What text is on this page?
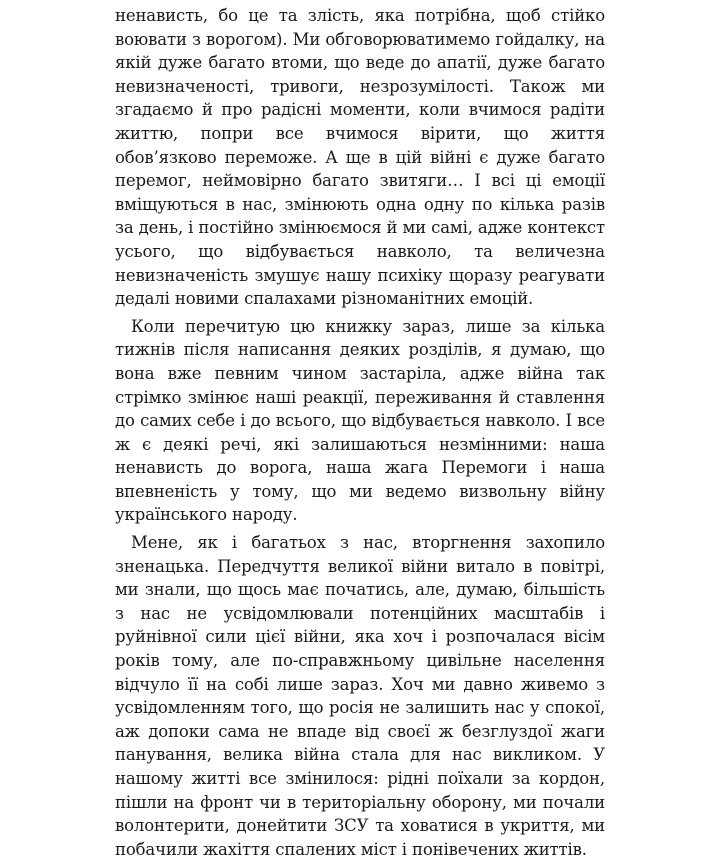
ненависть, бо це та злість, яка потрібна, щоб стійко воювати з ворогом). Ми обговорюватимемо гойдалку, на якій дуже багато втоми, що веде до апатії, дуже багато невизначеності, тривоги, незрозумілості. Також ми згадаємо й про радісні моменти, коли вчимося радіти життю, попри все вчимося вірити, що життя обов’язково переможе. А ще в цій війні є дуже багато перемог, неймовірно багато звитяги… І всі ці емоції вміщуються в нас, змінюють одна одну по кілька разів за день, і постійно змінюємося й ми самі, адже контекст усього, що відбувається навколо, та величезна невизначеність змушує нашу психіку щоразу реагувати дедалі новими спалахами різноманітних емоцій.

Коли перечитую цю книжку зараз, лише за кілька тижнів після написання деяких розділів, я думаю, що вона вже певним чином застаріла, адже війна так стрімко змінює наші реакції, переживання й ставлення до самих себе і до всього, що відбувається навколо. І все ж є деякі речі, які залишаються незмінними: наша ненависть до ворога, наша жага Перемоги і наша впевненість у тому, що ми ведемо визвольну війну українського народу.

Мене, як і багатьох з нас, вторгнення захопило зненацька. Передчуття великої війни витало в повітрі, ми знали, що щось має початись, але, думаю, більшість з нас не усвідомлювали потенційних масштабів і руйнівної сили цієї війни, яка хоч і розпочалася вісім років тому, але по-справжньому цивільне населення відчуло її на собі лише зараз. Хоч ми давно живемо з усвідомленням того, що росія не залишить нас у спокої, аж допоки сама не впаде від своєї ж безглуздої жаги панування, велика війна стала для нас викликом. У нашому житті все змінилося: рідні поїхали за кордон, пішли на фронт чи в територіальну оборону, ми почали волонтерити, донейтити ЗСУ та ховатися в укриття, ми побачили жахіття спалених міст і понівечених життів.
